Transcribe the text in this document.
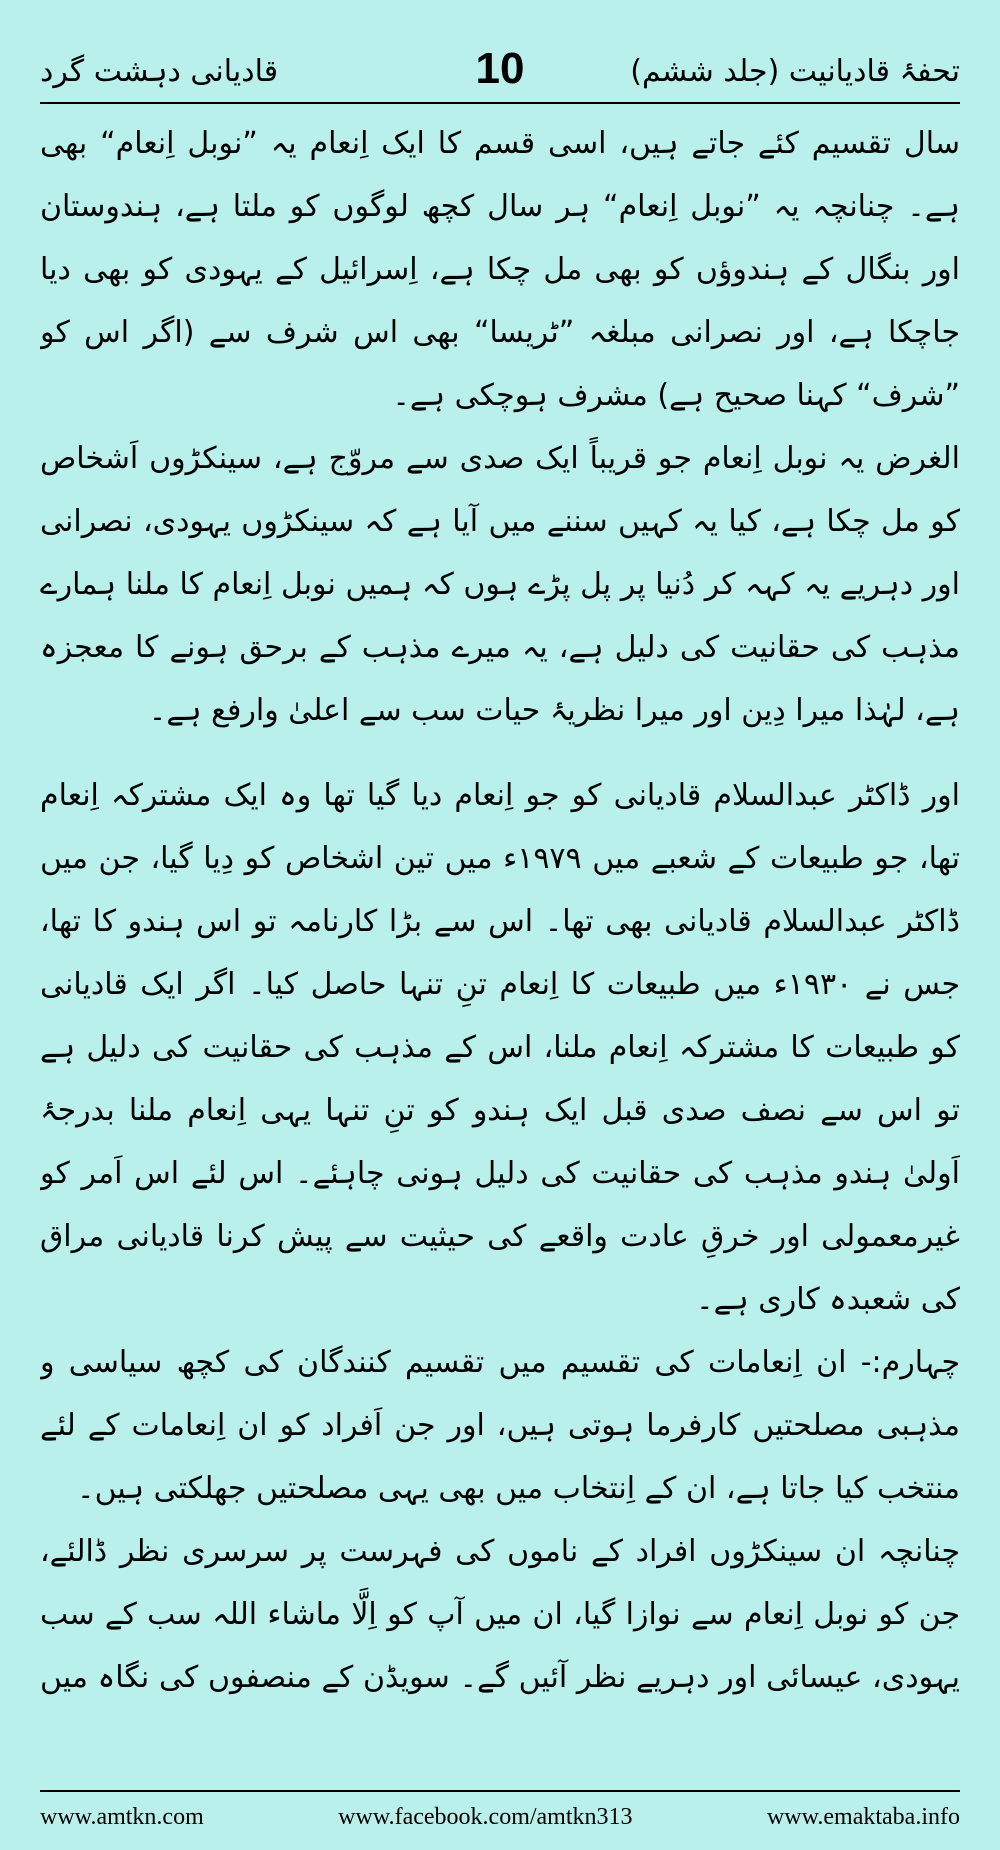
قادیانی دہشت گرد	10	تحفۂ قادیانیت (جلد ششم)

سال تقسیم کئے جاتے ہیں، اسی قسم کا ایک اِنعام یہ ”نوبل اِنعام“ بھی ہے۔ چنانچہ یہ ”نوبل اِنعام“ ہر سال کچھ لوگوں کو ملتا ہے، ہندوستان اور بنگال کے ہندوؤں کو بھی مل چکا ہے، اِسرائیل کے یہودی کو بھی دیا جاچکا ہے، اور نصرانی مبلغہ ”ٹریسا“ بھی اس شرف سے (اگر اس کو ”شرف“ کہنا صحیح ہے) مشرف ہوچکی ہے۔

الغرض یہ نوبل اِنعام جو قریباً ایک صدی سے مروّج ہے، سینکڑوں اَشخاص کو مل چکا ہے، کیا یہ کہیں سننے میں آیا ہے کہ سینکڑوں یہودی، نصرانی اور دہریے یہ کہہ کر دُنیا پر پل پڑے ہوں کہ ہمیں نوبل اِنعام کا ملنا ہمارے مذہب کی حقانیت کی دلیل ہے، یہ میرے مذہب کے برحق ہونے کا معجزہ ہے، لہٰذا میرا دِین اور میرا نظریۂ حیات سب سے اعلیٰ وارفع ہے۔

اور ڈاکٹر عبدالسلام قادیانی کو جو اِنعام دیا گیا تھا وہ ایک مشترکہ اِنعام تھا، جو طبیعات کے شعبے میں ۱۹۷۹ء میں تین اشخاص کو دِیا گیا، جن میں ڈاکٹر عبدالسلام قادیانی بھی تھا۔ اس سے بڑا کارنامہ تو اس ہندو کا تھا، جس نے ۱۹۳۰ء میں طبیعات کا اِنعام تنِ تنہا حاصل کیا۔ اگر ایک قادیانی کو طبیعات کا مشترکہ اِنعام ملنا، اس کے مذہب کی حقانیت کی دلیل ہے تو اس سے نصف صدی قبل ایک ہندو کو تنِ تنہا یہی اِنعام ملنا بدرجۂ اَولیٰ ہندو مذہب کی حقانیت کی دلیل ہونی چاہئے۔ اس لئے اس اَمر کو غیرمعمولی اور خرقِ عادت واقعے کی حیثیت سے پیش کرنا قادیانی مراق کی شعبدہ کاری ہے۔

چہارم:- ان اِنعامات کی تقسیم میں تقسیم کنندگان کی کچھ سیاسی و مذہبی مصلحتیں کارفرما ہوتی ہیں، اور جن اَفراد کو ان اِنعامات کے لئے منتخب کیا جاتا ہے، ان کے اِنتخاب میں بھی یہی مصلحتیں جھلکتی ہیں۔

چنانچہ ان سینکڑوں افراد کے ناموں کی فہرست پر سرسری نظر ڈالئے، جن کو نوبل اِنعام سے نوازا گیا، ان میں آپ کو اِلَّا ماشاء اللہ سب کے سب یہودی، عیسائی اور دہریے نظر آئیں گے۔ سویڈن کے منصفوں کی نگاہ میں

www.amtkn.com	www.facebook.com/amtkn313	www.emaktaba.info
